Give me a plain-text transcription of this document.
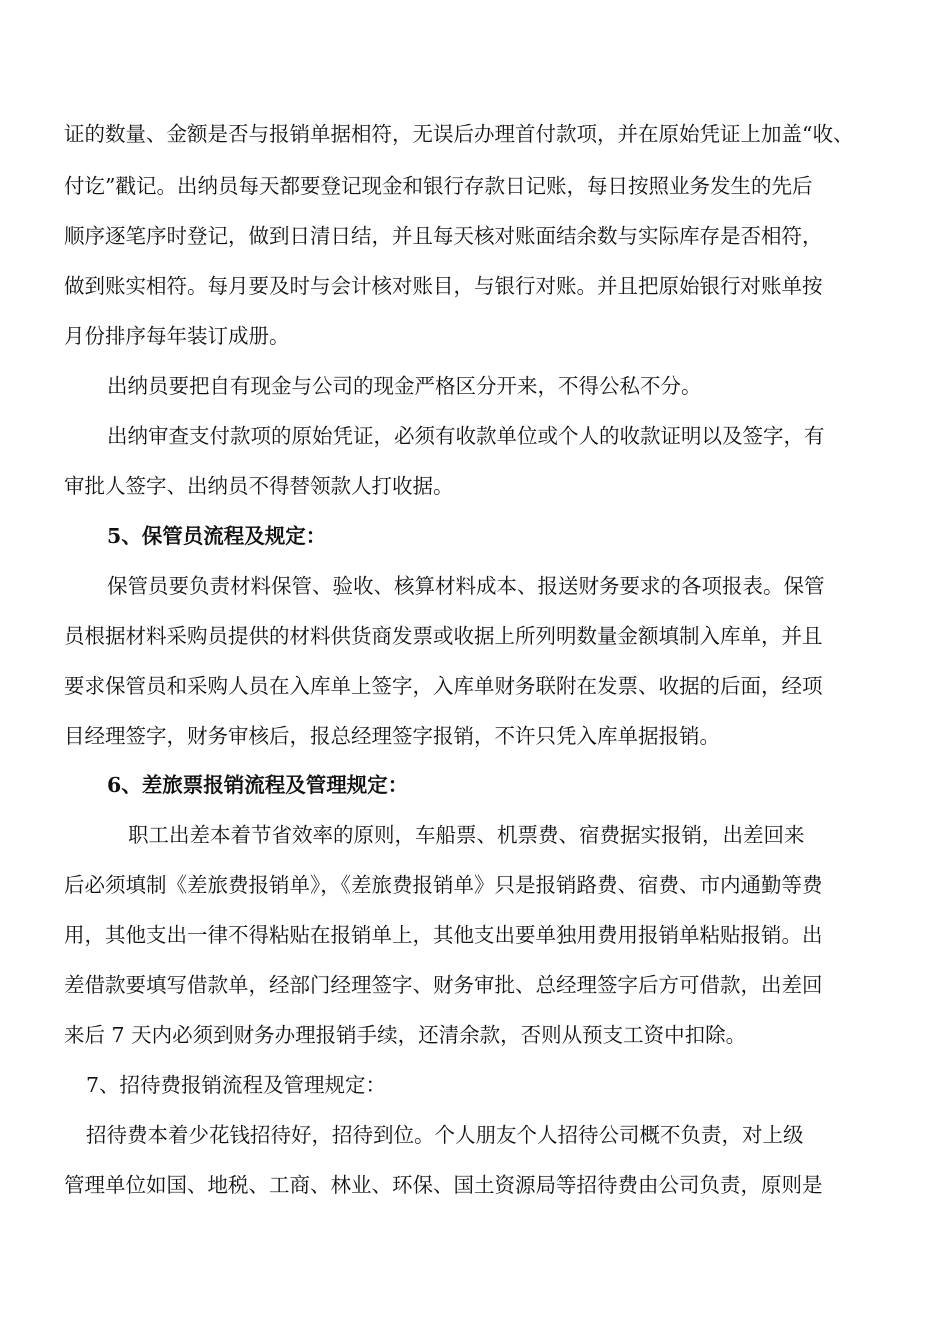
证的数量、金额是否与报销单据相符，无误后办理首付款项，并在原始凭证上加盖“收、
付讫”戳记。出纳员每天都要登记现金和银行存款日记账，每日按照业务发生的先后
顺序逐笔序时登记，做到日清日结，并且每天核对账面结余数与实际库存是否相符，
做到账实相符。每月要及时与会计核对账目，与银行对账。并且把原始银行对账单按
月份排序每年装订成册。
出纳员要把自有现金与公司的现金严格区分开来，不得公私不分。
出纳审查支付款项的原始凭证，必须有收款单位或个人的收款证明以及签字，有
审批人签字、出纳员不得替领款人打收据。
5、保管员流程及规定：
保管员要负责材料保管、验收、核算材料成本、报送财务要求的各项报表。保管
员根据材料采购员提供的材料供货商发票或收据上所列明数量金额填制入库单，并且
要求保管员和采购人员在入库单上签字，入库单财务联附在发票、收据的后面，经项
目经理签字，财务审核后，报总经理签字报销，不许只凭入库单据报销。
6、差旅票报销流程及管理规定：
职工出差本着节省效率的原则，车船票、机票费、宿费据实报销，出差回来
后必须填制《差旅费报销单》，《差旅费报销单》只是报销路费、宿费、市内通勤等费
用，其他支出一律不得粘贴在报销单上，其他支出要单独用费用报销单粘贴报销。出
差借款要填写借款单，经部门经理签字、财务审批、总经理签字后方可借款，出差回
来后 7 天内必须到财务办理报销手续，还清余款，否则从预支工资中扣除。
7、招待费报销流程及管理规定：
招待费本着少花钱招待好，招待到位。个人朋友个人招待公司概不负责，对上级
管理单位如国、地税、工商、林业、环保、国土资源局等招待费由公司负责，原则是
